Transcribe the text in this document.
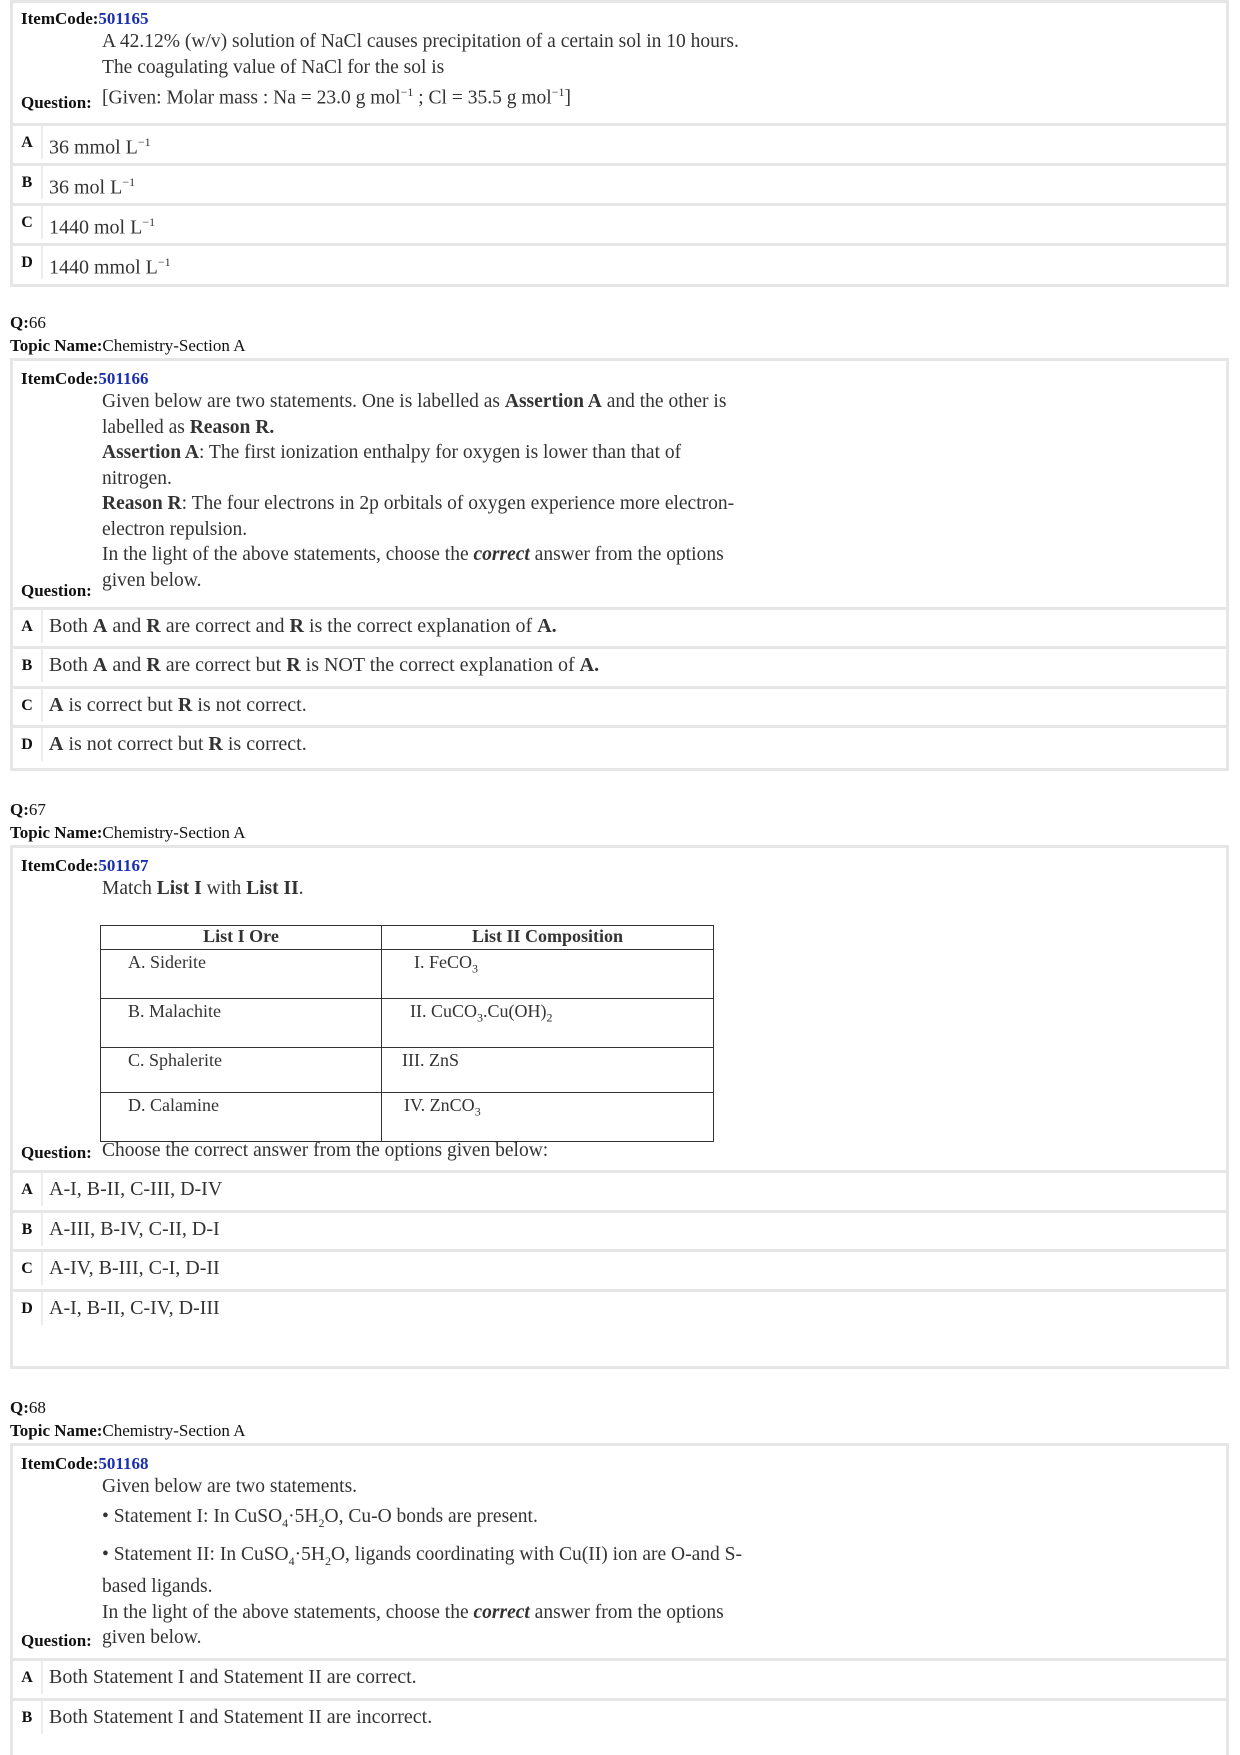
ItemCode:501165
A 42.12% (w/v) solution of NaCl causes precipitation of a certain sol in 10 hours.
The coagulating value of NaCl for the sol is
[Given: Molar mass : Na = 23.0 g mol$^{-1}$ ; Cl = 35.5 g mol$^{-1}$]
Question:
A 36 mmol $L^{-1}$
B 36 mol $L^{-1}$
C 1440 mol $L^{-1}$
D 1440 mmol $L^{-1}$
Q:66
Topic Name:Chemistry-Section A
ItemCode:501166
Given below are two statements. One is labelled as Assertion A and the other is
labelled as Reason R.
Assertion A: The first ionization enthalpy for oxygen is lower than that of
nitrogen.
Reason R: The four electrons in 2p orbitals of oxygen experience more electron-
electron repulsion.
In the light of the above statements, choose the correct answer from the options
given below.
Question:
A Both A and R are correct and R is the correct explanation of A.
B Both A and R are correct but R is NOT the correct explanation of A.
C A is correct but R is not correct.
D A is not correct but R is correct.
Q:67
Topic Name:Chemistry-Section A
ItemCode:501167
Match List I with List II.
List I Ore	List II Composition
A. Siderite	I. FeCO$_3$
B. Malachite	II. $CuCO_3.Cu(OH)_2$
C. Sphalerite	III. ZnS
D. Calamine	IV. ZnCO$_3$
Question: Choose the correct answer from the options given below:
A A-I, B-II, C-III, D-IV
B A-III, B-IV, C-II, D-I
C A-IV, B-III, C-I, D-II
D A-I, B-II, C-IV, D-III
Q:68
Topic Name:Chemistry-Section A
ItemCode:501168
Given below are two statements.
• Statement I: In $CuSO_4\cdot 5H_2O$, Cu-O bonds are present.
• Statement II: In $CuSO_4\cdot 5H_2O$, ligands coordinating with Cu(II) ion are O-and S-
based ligands.
In the light of the above statements, choose the correct answer from the options
given below.
Question:
A Both Statement I and Statement II are correct.
B Both Statement I and Statement II are incorrect.
